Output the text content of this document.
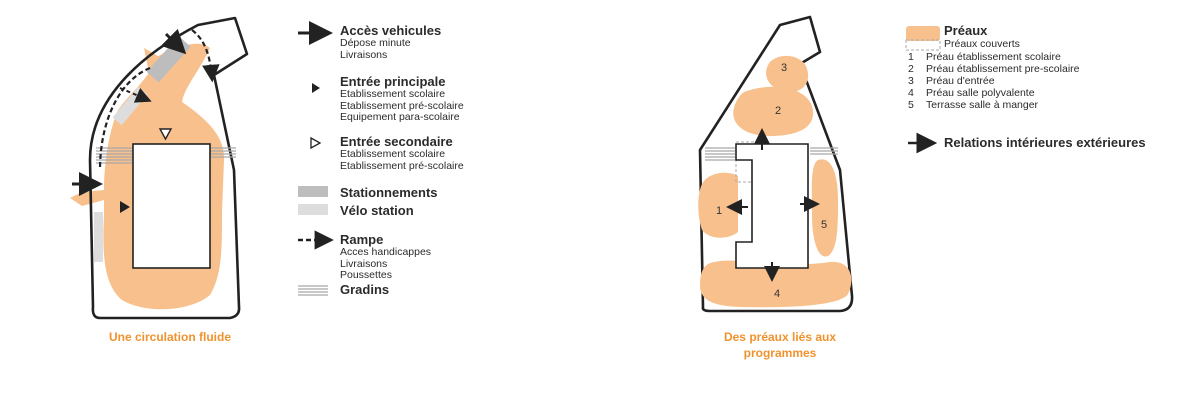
1
2
3
4
5
Accès vehicules
Dépose minute
Livraisons
Entrée principale
Etablissement scolaire
Etablissement pré-scolaire
Equipement para-scolaire
Entrée secondaire
Etablissement scolaire
Etablissement pré-scolaire
Stationnements
Vélo station
Rampe
Acces handicappes
Livraisons
Poussettes
Gradins
Une circulation fluide
Préaux
Préaux couverts
1 Préau établissement scolaire
2 Préau établissement pre-scolaire
3 Préau d'entrée
4 Préau salle polyvalente
5 Terrasse salle à manger
Relations intérieures extérieures
Des préaux liés aux
programmes
